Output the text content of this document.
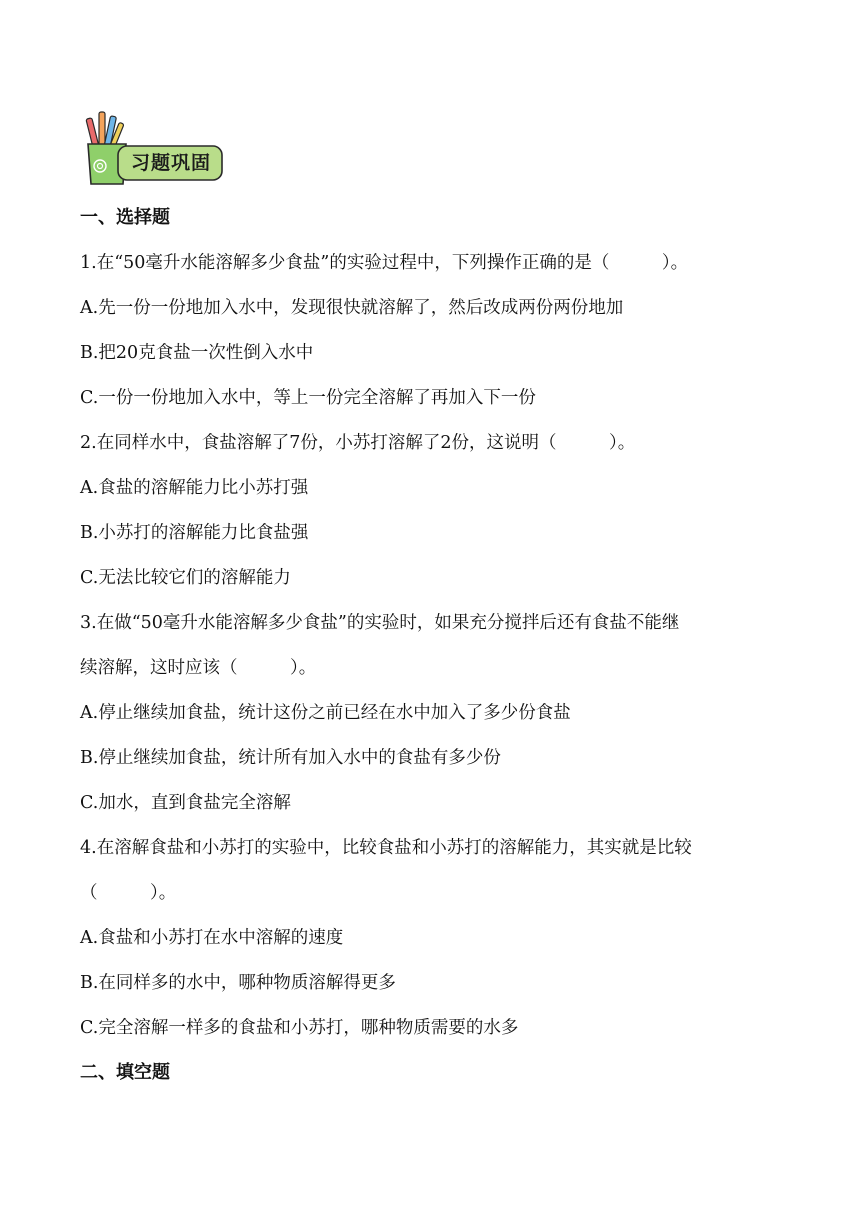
习题巩固
一、选择题
1.在“50毫升水能溶解多少食盐”的实验过程中，下列操作正确的是（　　　）。
A.先一份一份地加入水中，发现很快就溶解了，然后改成两份两份地加
B.把20克食盐一次性倒入水中
C.一份一份地加入水中，等上一份完全溶解了再加入下一份
2.在同样水中，食盐溶解了7份，小苏打溶解了2份，这说明（　　　）。
A.食盐的溶解能力比小苏打强
B.小苏打的溶解能力比食盐强
C.无法比较它们的溶解能力
3.在做“50毫升水能溶解多少食盐”的实验时，如果充分搅拌后还有食盐不能继
续溶解，这时应该（　　　）。
A.停止继续加食盐，统计这份之前已经在水中加入了多少份食盐
B.停止继续加食盐，统计所有加入水中的食盐有多少份
C.加水，直到食盐完全溶解
4.在溶解食盐和小苏打的实验中，比较食盐和小苏打的溶解能力，其实就是比较
（　　　）。
A.食盐和小苏打在水中溶解的速度
B.在同样多的水中，哪种物质溶解得更多
C.完全溶解一样多的食盐和小苏打，哪种物质需要的水多
二、填空题
